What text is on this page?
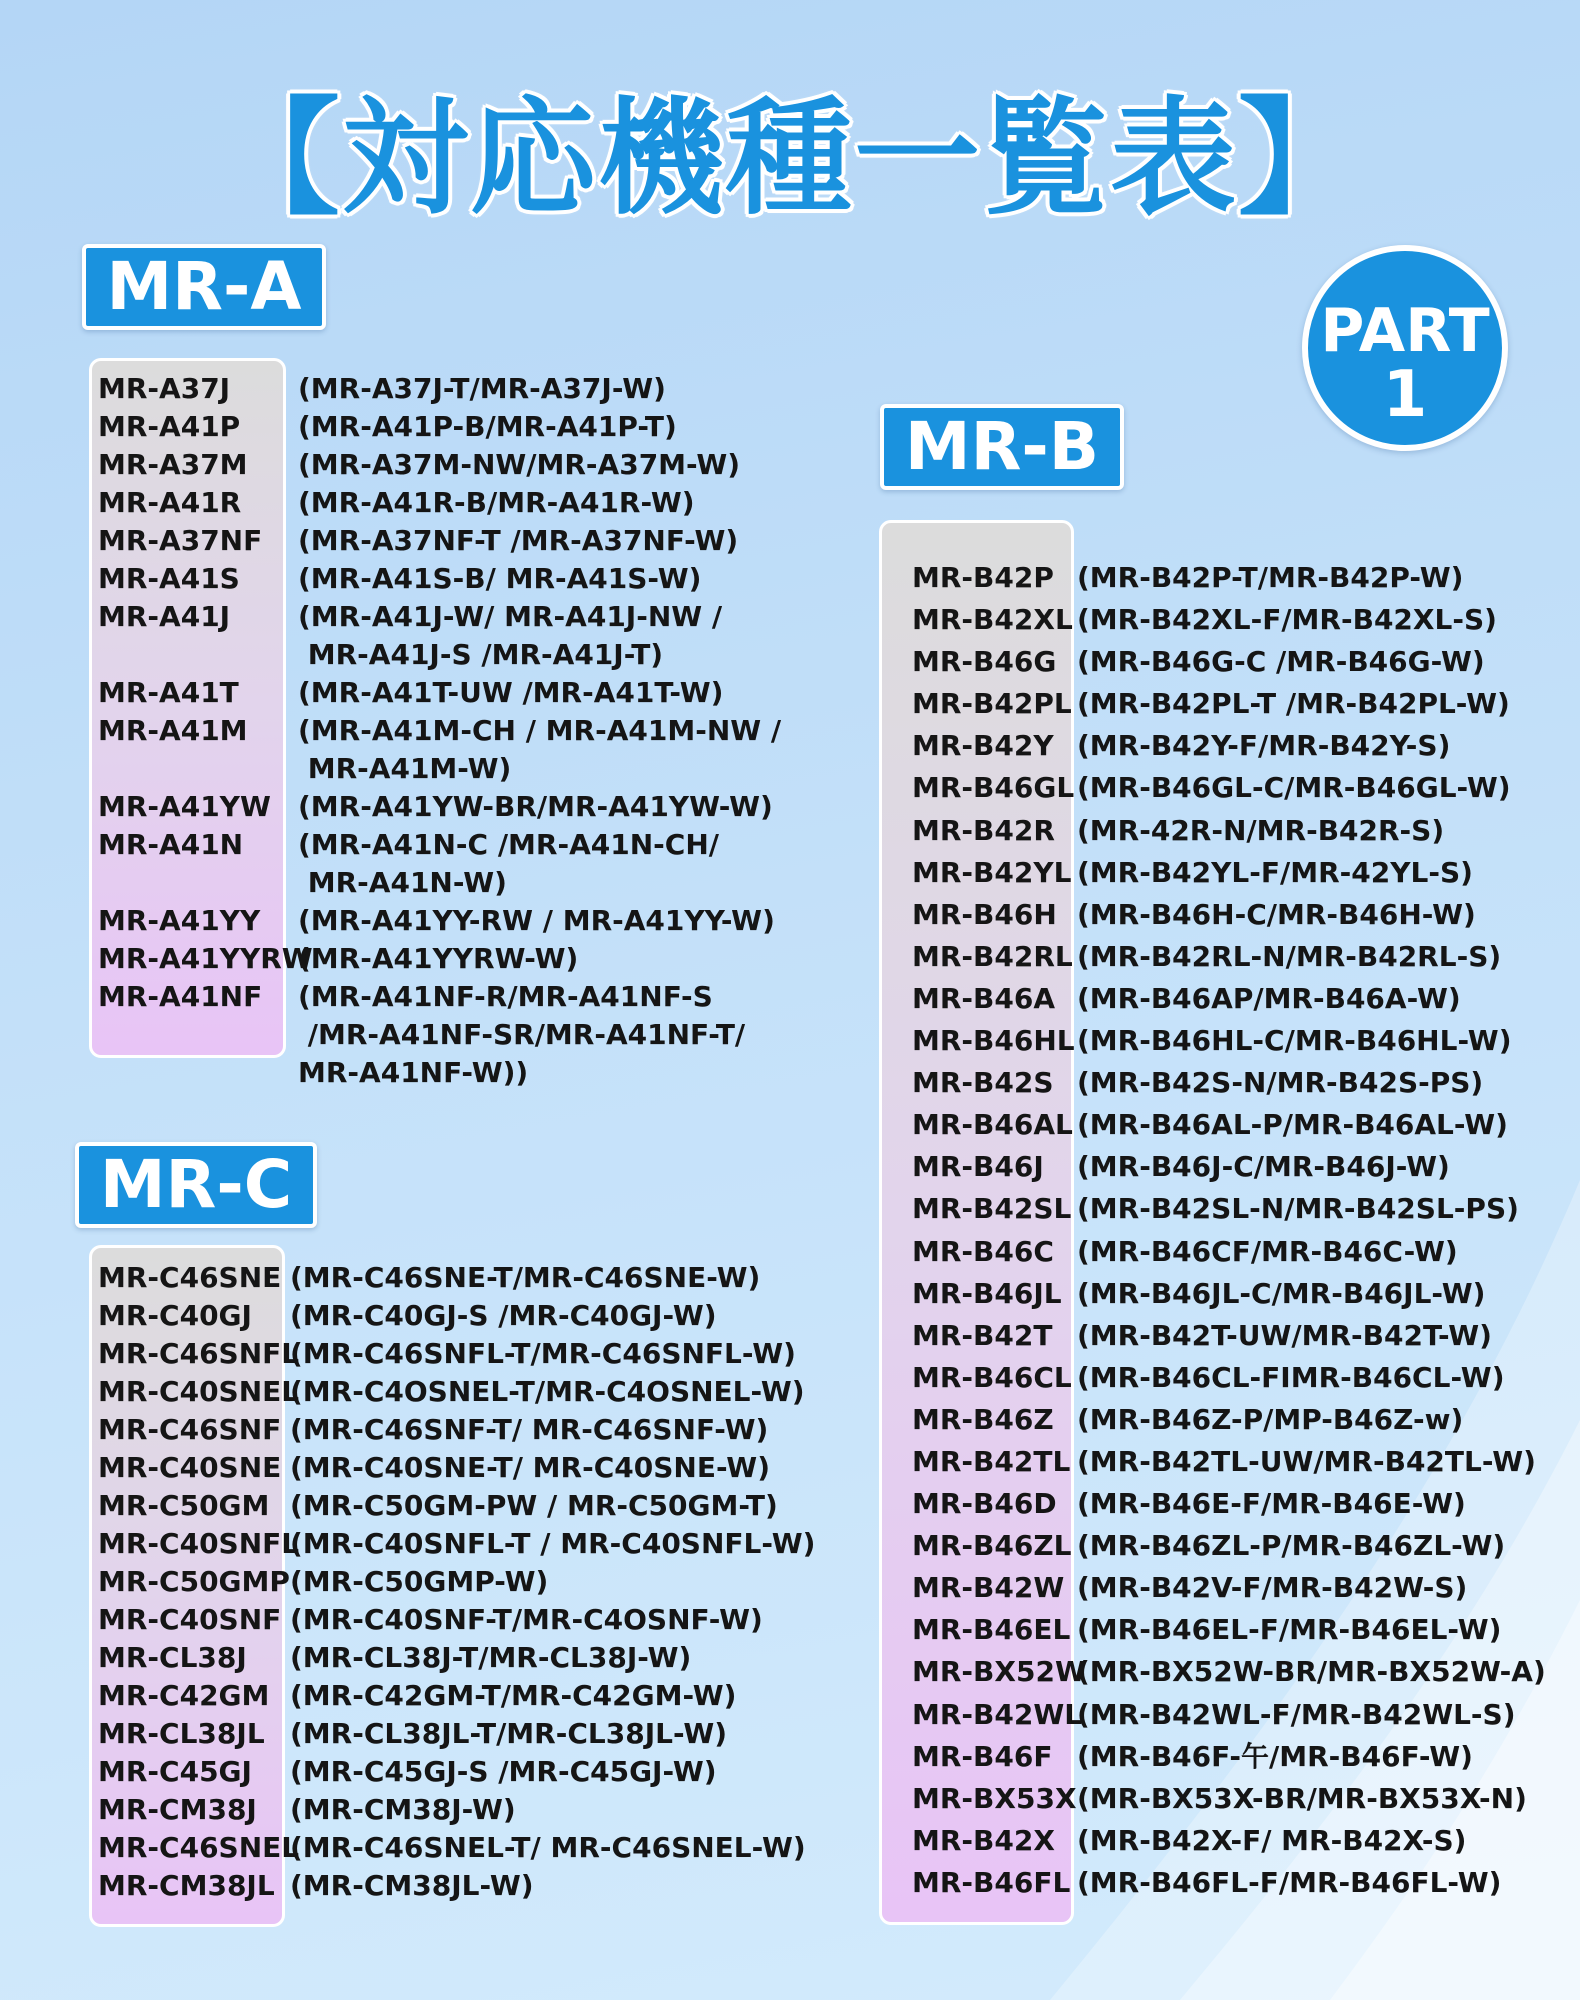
【対応機種一覧表】
PART
1
MR-A
MR-A37J (MR-A37J-T/MR-A37J-W)
MR-A41P (MR-A41P-B/MR-A41P-T)
MR-A37M (MR-A37M-NW/MR-A37M-W)
MR-A41R (MR-A41R-B/MR-A41R-W)
MR-A37NF (MR-A37NF-T /MR-A37NF-W)
MR-A41S (MR-A41S-B/ MR-A41S-W)
MR-A41J (MR-A41J-W/ MR-A41J-NW /
MR-A41J-S /MR-A41J-T)
MR-A41T (MR-A41T-UW /MR-A41T-W)
MR-A41M (MR-A41M-CH / MR-A41M-NW /
MR-A41M-W)
MR-A41YW (MR-A41YW-BR/MR-A41YW-W)
MR-A41N (MR-A41N-C /MR-A41N-CH/
MR-A41N-W)
MR-A41YY (MR-A41YY-RW / MR-A41YY-W)
MR-A41YYRW
(MR-A41YYRW-W)
MR-A41NF (MR-A41NF-R/MR-A41NF-S
/MR-A41NF-SR/MR-A41NF-T/
MR-A41NF-W))
MR-C
MR-C46SNE (MR-C46SNE-T/MR-C46SNE-W)
MR-C40GJ (MR-C40GJ-S /MR-C40GJ-W)
MR-C46SNFL
(MR-C46SNFL-T/MR-C46SNFL-W)
MR-C40SNEL
(MR-C4OSNEL-T/MR-C4OSNEL-W)
MR-C46SNF (MR-C46SNF-T/ MR-C46SNF-W)
MR-C40SNE (MR-C40SNE-T/ MR-C40SNE-W)
MR-C50GM (MR-C50GM-PW / MR-C50GM-T)
MR-C40SNFL
(MR-C40SNFL-T / MR-C40SNFL-W)
MR-C50GMP (MR-C50GMP-W)
MR-C40SNF (MR-C40SNF-T/MR-C4OSNF-W)
MR-CL38J (MR-CL38J-T/MR-CL38J-W)
MR-C42GM (MR-C42GM-T/MR-C42GM-W)
MR-CL38JL (MR-CL38JL-T/MR-CL38JL-W)
MR-C45GJ (MR-C45GJ-S /MR-C45GJ-W)
MR-CM38J (MR-CM38J-W)
MR-C46SNEL
(MR-C46SNEL-T/ MR-C46SNEL-W)
MR-CM38JL (MR-CM38JL-W)
MR-B
MR-B42P (MR-B42P-T/MR-B42P-W)
MR-B42XL (MR-B42XL-F/MR-B42XL-S)
MR-B46G (MR-B46G-C /MR-B46G-W)
MR-B42PL (MR-B42PL-T /MR-B42PL-W)
MR-B42Y (MR-B42Y-F/MR-B42Y-S)
MR-B46GL (MR-B46GL-C/MR-B46GL-W)
MR-B42R (MR-42R-N/MR-B42R-S)
MR-B42YL (MR-B42YL-F/MR-42YL-S)
MR-B46H (MR-B46H-C/MR-B46H-W)
MR-B42RL (MR-B42RL-N/MR-B42RL-S)
MR-B46A (MR-B46AP/MR-B46A-W)
MR-B46HL (MR-B46HL-C/MR-B46HL-W)
MR-B42S (MR-B42S-N/MR-B42S-PS)
MR-B46AL (MR-B46AL-P/MR-B46AL-W)
MR-B46J (MR-B46J-C/MR-B46J-W)
MR-B42SL (MR-B42SL-N/MR-B42SL-PS)
MR-B46C (MR-B46CF/MR-B46C-W)
MR-B46JL (MR-B46JL-C/MR-B46JL-W)
MR-B42T (MR-B42T-UW/MR-B42T-W)
MR-B46CL (MR-B46CL-FIMR-B46CL-W)
MR-B46Z (MR-B46Z-P/MP-B46Z-w)
MR-B42TL (MR-B42TL-UW/MR-B42TL-W)
MR-B46D (MR-B46E-F/MR-B46E-W)
MR-B46ZL (MR-B46ZL-P/MR-B46ZL-W)
MR-B42W (MR-B42V-F/MR-B42W-S)
MR-B46EL (MR-B46EL-F/MR-B46EL-W)
MR-BX52W
(MR-BX52W-BR/MR-BX52W-A)
MR-B42WL
(MR-B42WL-F/MR-B42WL-S)
MR-B46F (MR-B46F-午/MR-B46F-W)
MR-BX53X (MR-BX53X-BR/MR-BX53X-N)
MR-B42X (MR-B42X-F/ MR-B42X-S)
MR-B46FL (MR-B46FL-F/MR-B46FL-W)
